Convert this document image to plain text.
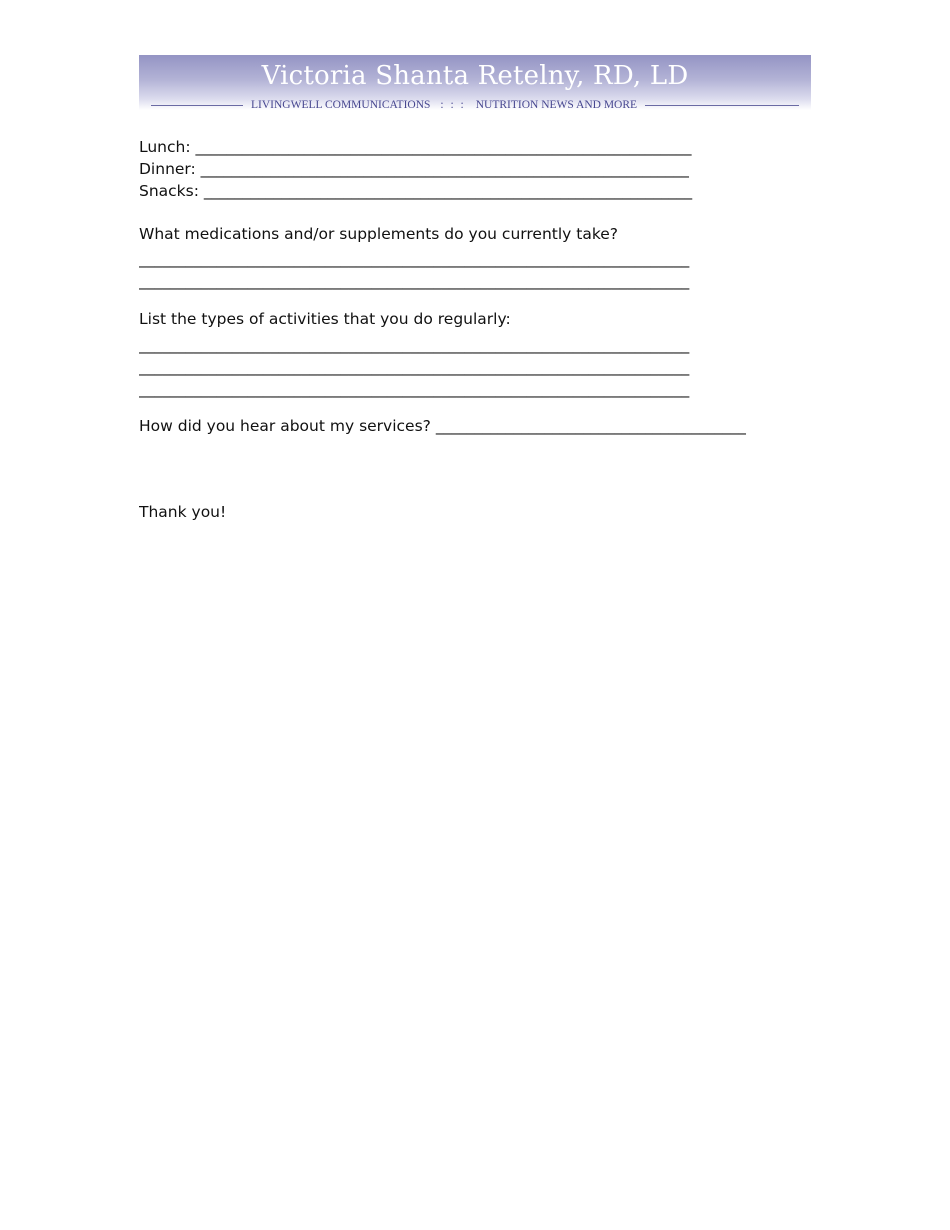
Victoria Shanta Retelny, RD, LD
LIVINGWELL COMMUNICATIONS : : : NUTRITION NEWS AND MORE
Lunch: ________________________________________________________________
Dinner: _______________________________________________________________
Snacks: _______________________________________________________________
What medications and/or supplements do you currently take?
_______________________________________________________________________
_______________________________________________________________________
List the types of activities that you do regularly:
_______________________________________________________________________
_______________________________________________________________________
_______________________________________________________________________
How did you hear about my services? ________________________________________
Thank you!
